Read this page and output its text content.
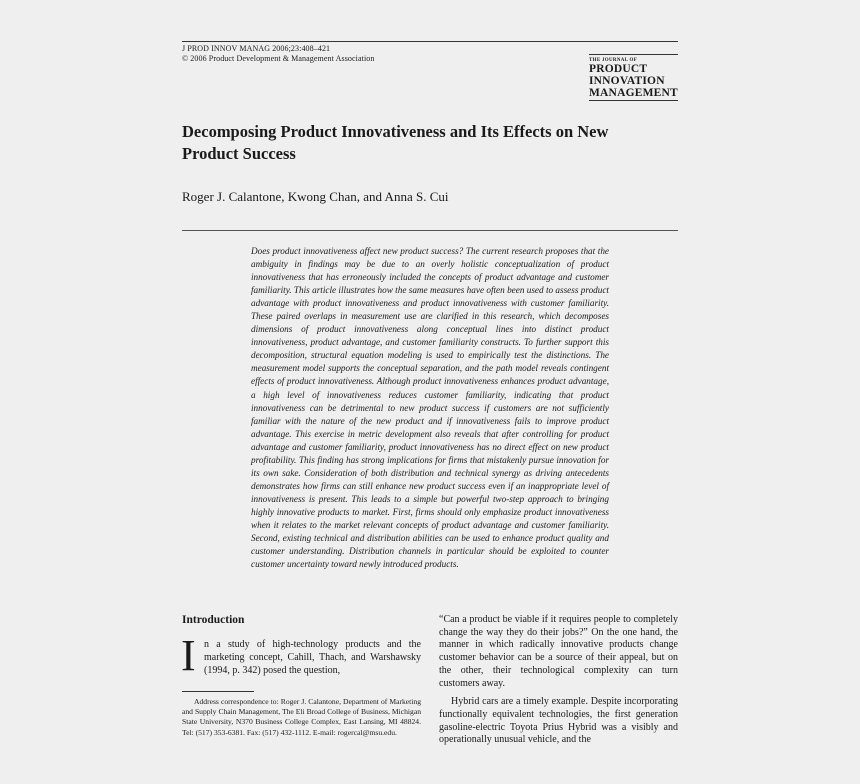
J PROD INNOV MANAG 2006;23:408–421
© 2006 Product Development & Management Association	THE JOURNAL OF
PRODUCT
INNOVATION
MANAGEMENT
Decomposing Product Innovativeness and Its Effects on New Product Success
Roger J. Calantone, Kwong Chan, and Anna S. Cui
Does product innovativeness affect new product success? The current research proposes that the ambiguity in findings may be due to an overly holistic conceptualization of product innovativeness that has erroneously included the concepts of product advantage and customer familiarity. This article illustrates how the same measures have often been used to assess product advantage with product innovativeness and product innovativeness with customer familiarity. These paired overlaps in measurement use are clarified in this research, which decomposes dimensions of product innovativeness along conceptual lines into distinct product innovativeness, product advantage, and customer familiarity constructs. To further support this decomposition, structural equation modeling is used to empirically test the distinctions. The measurement model supports the conceptual separation, and the path model reveals contingent effects of product innovativeness. Although product innovativeness enhances product advantage, a high level of innovativeness reduces customer familiarity, indicating that product innovativeness can be detrimental to new product success if customers are not sufficiently familiar with the nature of the new product and if innovativeness fails to improve product advantage. This exercise in metric development also reveals that after controlling for product advantage and customer familiarity, product innovativeness has no direct effect on new product profitability. This finding has strong implications for firms that mistakenly pursue innovation for its own sake. Consideration of both distribution and technical synergy as driving antecedents demonstrates how firms can still enhance new product success even if an inappropriate level of innovativeness is present. This leads to a simple but powerful two-step approach to bringing highly innovative products to market. First, firms should only emphasize product innovativeness when it relates to the market relevant concepts of product advantage and customer familiarity. Second, existing technical and distribution abilities can be used to enhance product quality and customer understanding. Distribution channels in particular should be exploited to counter customer uncertainty toward newly introduced products.
Introduction
I n a study of high-technology products and the marketing concept, Cahill, Thach, and Warshawsky (1994, p. 342) posed the question,
Address correspondence to: Roger J. Calantone, Department of Marketing and Supply Chain Management, The Eli Broad College of Business, Michigan State University, N370 Business College Complex, East Lansing, MI 48824. Tel: (517) 353-6381. Fax: (517) 432-1112. E-mail: rogercal@msu.edu.

“Can a product be viable if it requires people to completely change the way they do their jobs?” On the one hand, the manner in which radically innovative products change customer behavior can be a source of their appeal, but on the other, their technological complexity can turn customers away.

Hybrid cars are a timely example. Despite incorporating functionally equivalent technologies, the first generation gasoline-electric Toyota Prius Hybrid was a visibly and operationally unusual vehicle, and the
